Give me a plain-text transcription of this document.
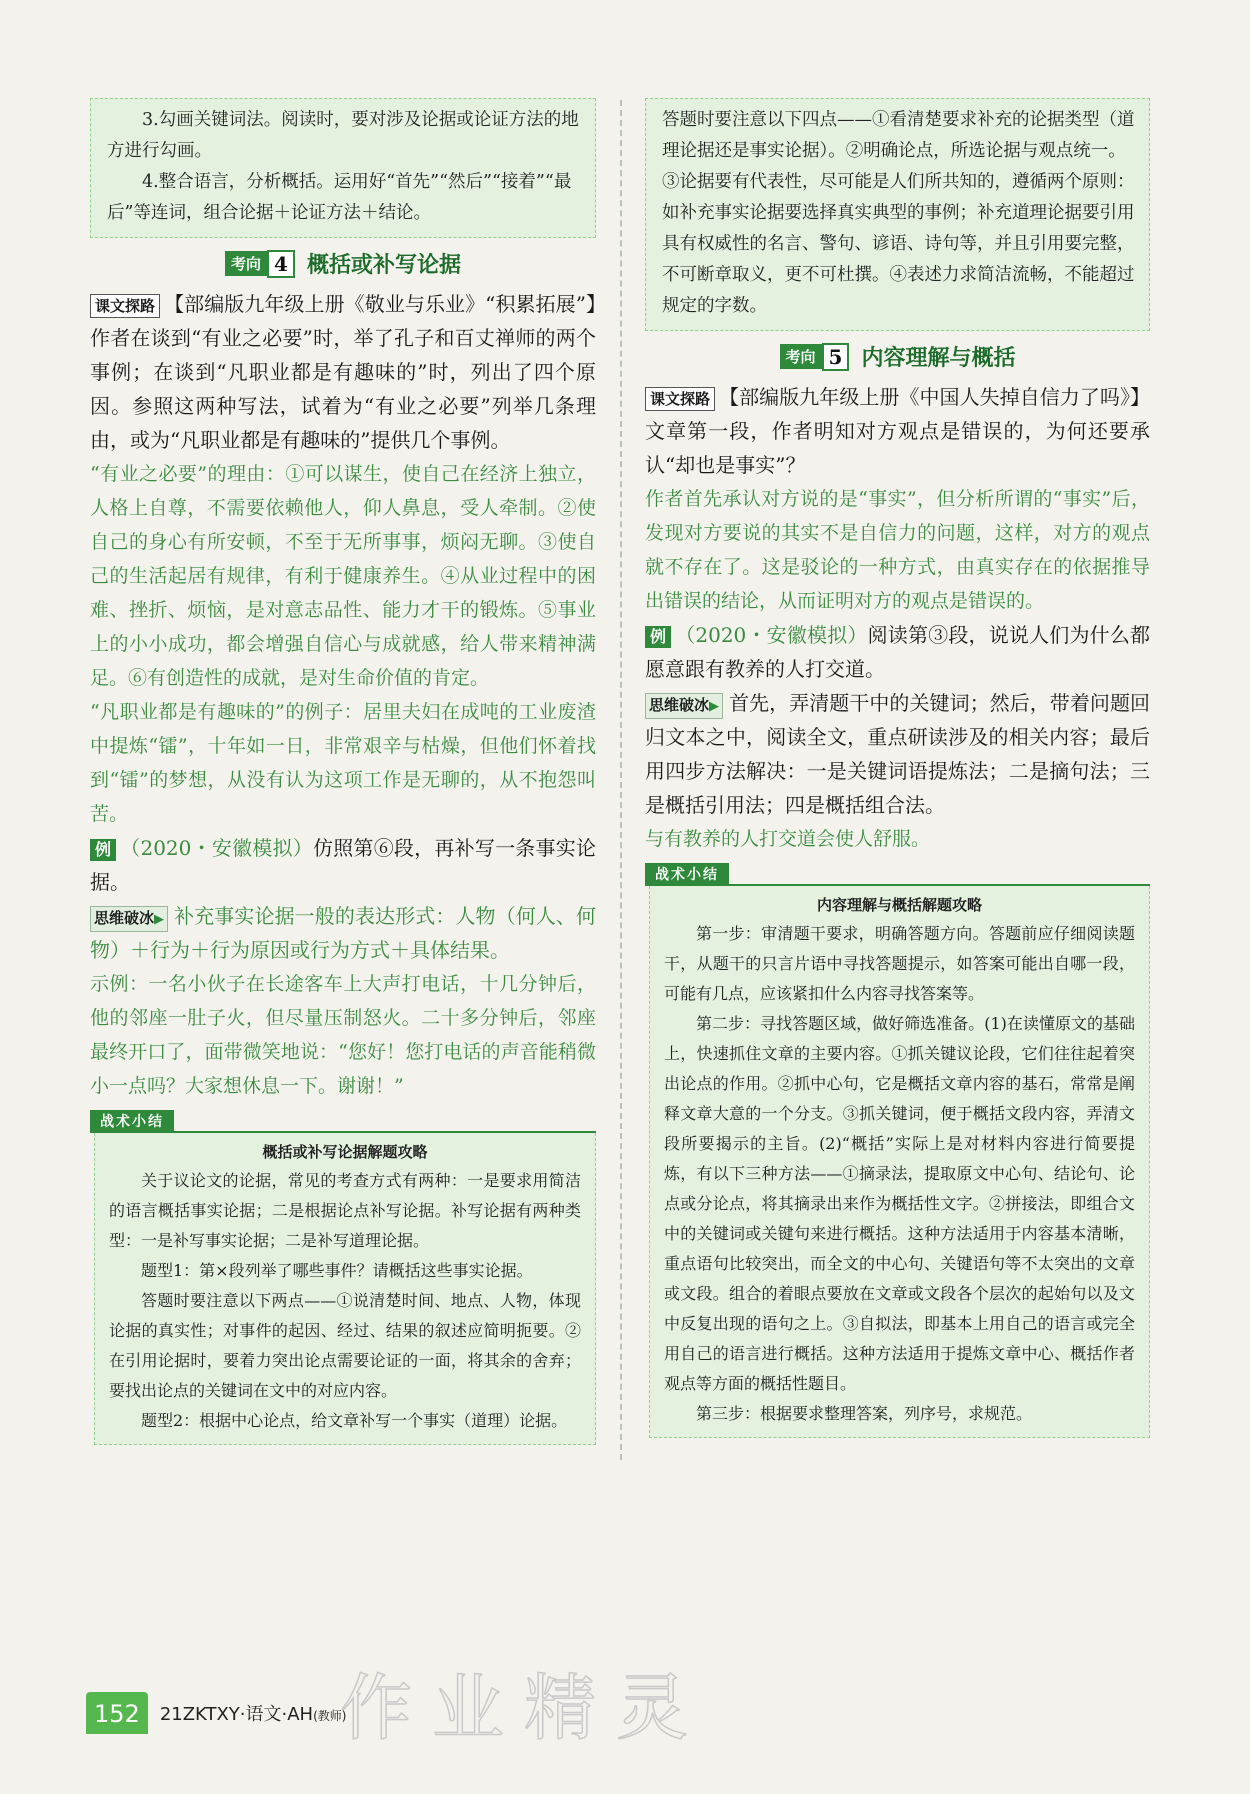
3.勾画关键词法。阅读时，要对涉及论据或论证方法的地方进行勾画。

4.整合语言，分析概括。运用好“首先”“然后”“接着”“最后”等连词，组合论据＋论证方法＋结论。

考向 4 概括或补写论据

课文探路 【部编版九年级上册《敬业与乐业》“积累拓展”】作者在谈到“有业之必要”时，举了孔子和百丈禅师的两个事例；在谈到“凡职业都是有趣味的”时，列出了四个原因。参照这两种写法，试着为“有业之必要”列举几条理由，或为“凡职业都是有趣味的”提供几个事例。

“有业之必要”的理由：①可以谋生，使自己在经济上独立，人格上自尊，不需要依赖他人，仰人鼻息，受人牵制。②使自己的身心有所安顿，不至于无所事事，烦闷无聊。③使自己的生活起居有规律，有利于健康养生。④从业过程中的困难、挫折、烦恼，是对意志品性、能力才干的锻炼。⑤事业上的小小成功，都会增强自信心与成就感，给人带来精神满足。⑥有创造性的成就，是对生命价值的肯定。

“凡职业都是有趣味的”的例子：居里夫妇在成吨的工业废渣中提炼“镭”，十年如一日，非常艰辛与枯燥，但他们怀着找到“镭”的梦想，从没有认为这项工作是无聊的，从不抱怨叫苦。

例 （2020・安徽模拟）仿照第⑥段，再补写一条事实论据。

思维破冰▶ 补充事实论据一般的表达形式：人物（何人、何物）＋行为＋行为原因或行为方式＋具体结果。

示例：一名小伙子在长途客车上大声打电话，十几分钟后，他的邻座一肚子火，但尽量压制怒火。二十多分钟后，邻座最终开口了，面带微笑地说：“您好！您打电话的声音能稍微小一点吗？大家想休息一下。谢谢！”

战术小结
概括或补写论据解题攻略

关于议论文的论据，常见的考查方式有两种：一是要求用简洁的语言概括事实论据；二是根据论点补写论据。补写论据有两种类型：一是补写事实论据；二是补写道理论据。

题型1：第×段列举了哪些事件？请概括这些事实论据。

答题时要注意以下两点——①说清楚时间、地点、人物，体现论据的真实性；对事件的起因、经过、结果的叙述应简明扼要。②在引用论据时，要着力突出论点需要论证的一面，将其余的舍弃；要找出论点的关键词在文中的对应内容。

题型2：根据中心论点，给文章补写一个事实（道理）论据。

答题时要注意以下四点——①看清楚要求补充的论据类型（道理论据还是事实论据）。②明确论点，所选论据与观点统一。③论据要有代表性，尽可能是人们所共知的，遵循两个原则：如补充事实论据要选择真实典型的事例；补充道理论据要引用具有权威性的名言、警句、谚语、诗句等，并且引用要完整，不可断章取义，更不可杜撰。④表述力求简洁流畅，不能超过规定的字数。

考向 5 内容理解与概括

课文探路 【部编版九年级上册《中国人失掉自信力了吗》】文章第一段，作者明知对方观点是错误的，为何还要承认“却也是事实”？

作者首先承认对方说的是“事实”，但分析所谓的“事实”后，发现对方要说的其实不是自信力的问题，这样，对方的观点就不存在了。这是驳论的一种方式，由真实存在的依据推导出错误的结论，从而证明对方的观点是错误的。

例 （2020・安徽模拟）阅读第③段，说说人们为什么都愿意跟有教养的人打交道。

思维破冰▶ 首先，弄清题干中的关键词；然后，带着问题回归文本之中，阅读全文，重点研读涉及的相关内容；最后用四步方法解决：一是关键词语提炼法；二是摘句法；三是概括引用法；四是概括组合法。

与有教养的人打交道会使人舒服。

战术小结
内容理解与概括解题攻略

第一步：审清题干要求，明确答题方向。答题前应仔细阅读题干，从题干的只言片语中寻找答题提示，如答案可能出自哪一段，可能有几点，应该紧扣什么内容寻找答案等。

第二步：寻找答题区域，做好筛选准备。(1)在读懂原文的基础上，快速抓住文章的主要内容。①抓关键议论段，它们往往起着突出论点的作用。②抓中心句，它是概括文章内容的基石，常常是阐释文章大意的一个分支。③抓关键词，便于概括文段内容，弄清文段所要揭示的主旨。(2)“概括”实际上是对材料内容进行简要提炼，有以下三种方法——①摘录法，提取原文中心句、结论句、论点或分论点，将其摘录出来作为概括性文字。②拼接法，即组合文中的关键词或关键句来进行概括。这种方法适用于内容基本清晰，重点语句比较突出，而全文的中心句、关键语句等不太突出的文章或文段。组合的着眼点要放在文章或文段各个层次的起始句以及文中反复出现的语句之上。③自拟法，即基本上用自己的语言或完全用自己的语言进行概括。这种方法适用于提炼文章中心、概括作者观点等方面的概括性题目。

第三步：根据要求整理答案，列序号，求规范。

作业精灵
152	21ZKTXY·语文·AH(教师)
